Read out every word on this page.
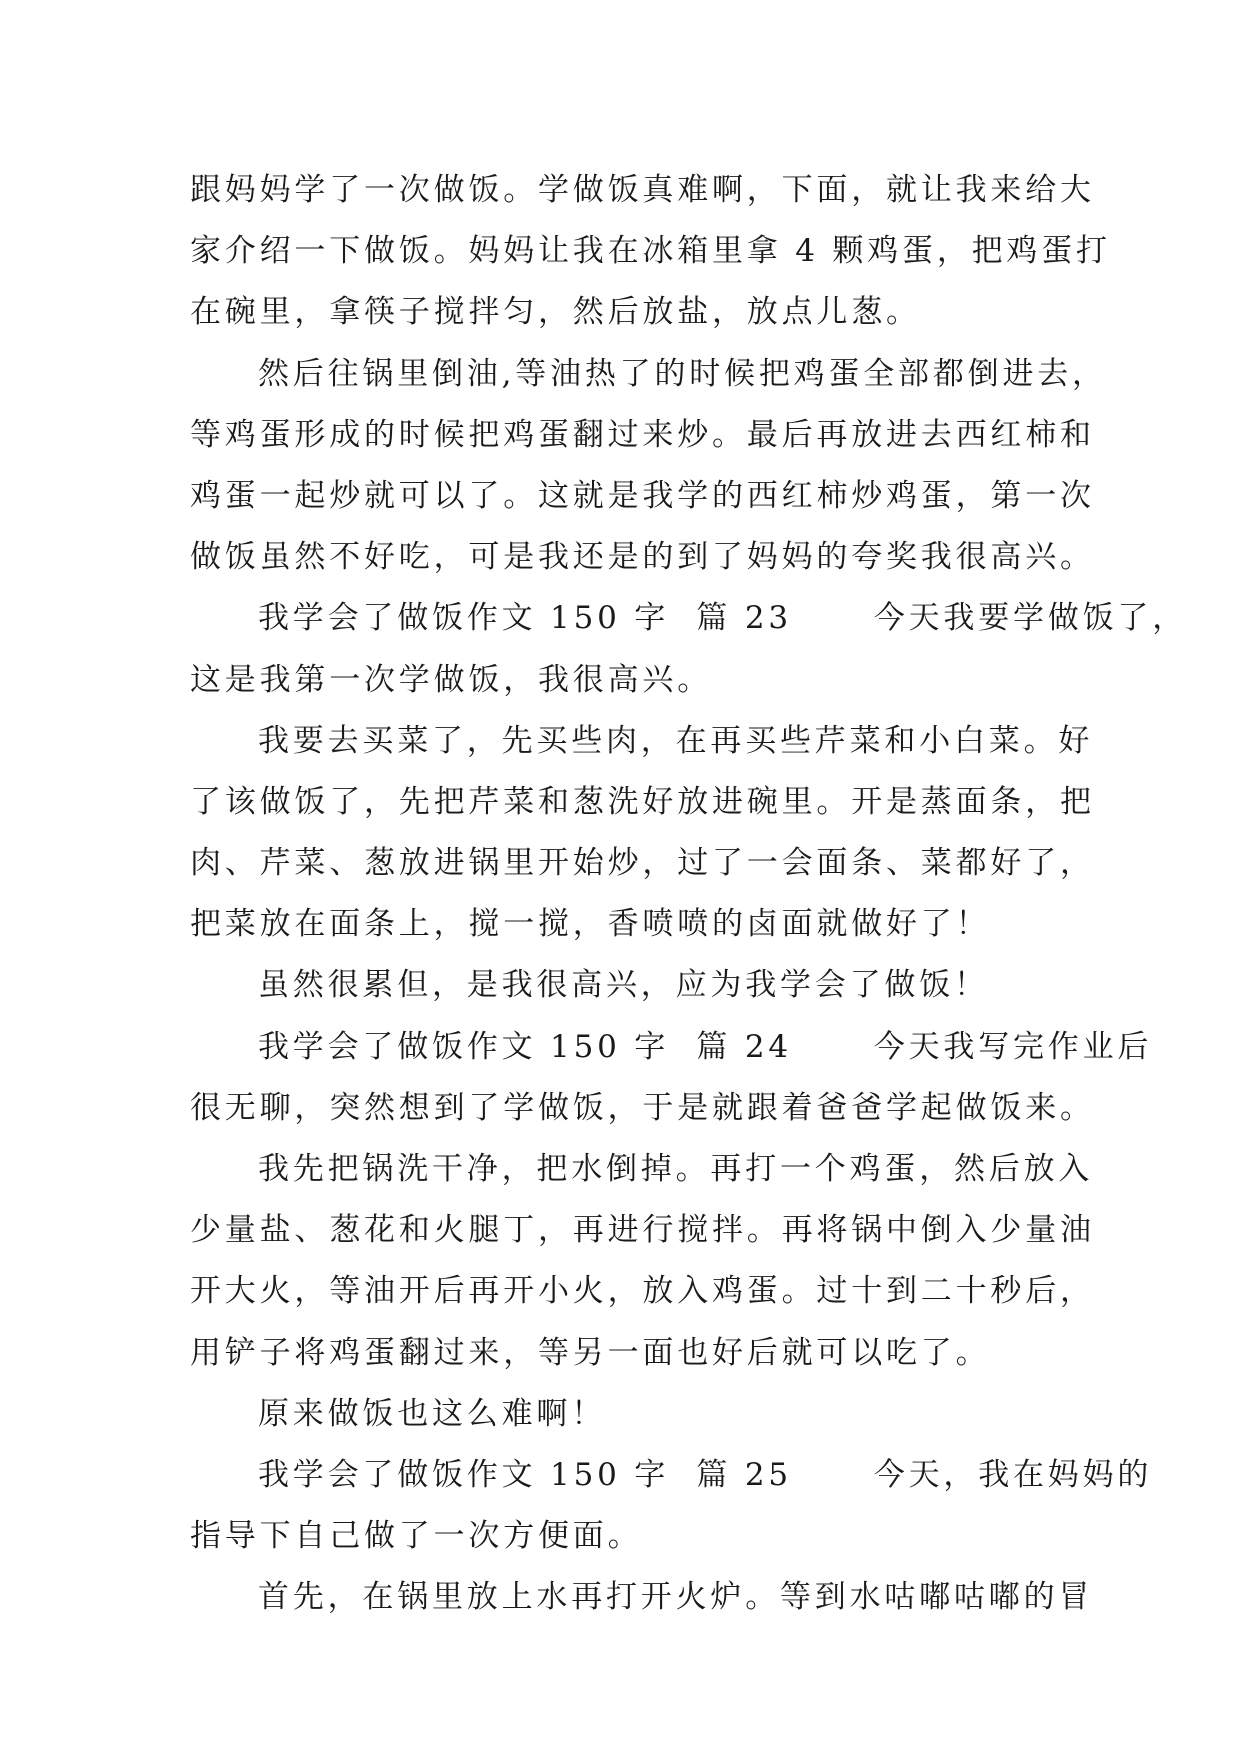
跟妈妈学了一次做饭。学做饭真难啊，下面，就让我来给大
家介绍一下做饭。妈妈让我在冰箱里拿 4 颗鸡蛋，把鸡蛋打
在碗里，拿筷子搅拌匀，然后放盐，放点儿葱。
然后往锅里倒油,等油热了的时候把鸡蛋全部都倒进去，
等鸡蛋形成的时候把鸡蛋翻过来炒。最后再放进去西红柿和
鸡蛋一起炒就可以了。这就是我学的西红柿炒鸡蛋，第一次
做饭虽然不好吃，可是我还是的到了妈妈的夸奖我很高兴。
我学会了做饭作文 150 字  篇 23      今天我要学做饭了，
这是我第一次学做饭，我很高兴。
我要去买菜了，先买些肉，在再买些芹菜和小白菜。好
了该做饭了，先把芹菜和葱洗好放进碗里。开是蒸面条，把
肉、芹菜、葱放进锅里开始炒，过了一会面条、菜都好了，
把菜放在面条上，搅一搅，香喷喷的卤面就做好了！
虽然很累但，是我很高兴，应为我学会了做饭！
我学会了做饭作文 150 字  篇 24      今天我写完作业后
很无聊，突然想到了学做饭，于是就跟着爸爸学起做饭来。
我先把锅洗干净，把水倒掉。再打一个鸡蛋，然后放入
少量盐、葱花和火腿丁，再进行搅拌。再将锅中倒入少量油
开大火，等油开后再开小火，放入鸡蛋。过十到二十秒后，
用铲子将鸡蛋翻过来，等另一面也好后就可以吃了。
原来做饭也这么难啊！
我学会了做饭作文 150 字  篇 25      今天，我在妈妈的
指导下自己做了一次方便面。
首先，在锅里放上水再打开火炉。等到水咕嘟咕嘟的冒
